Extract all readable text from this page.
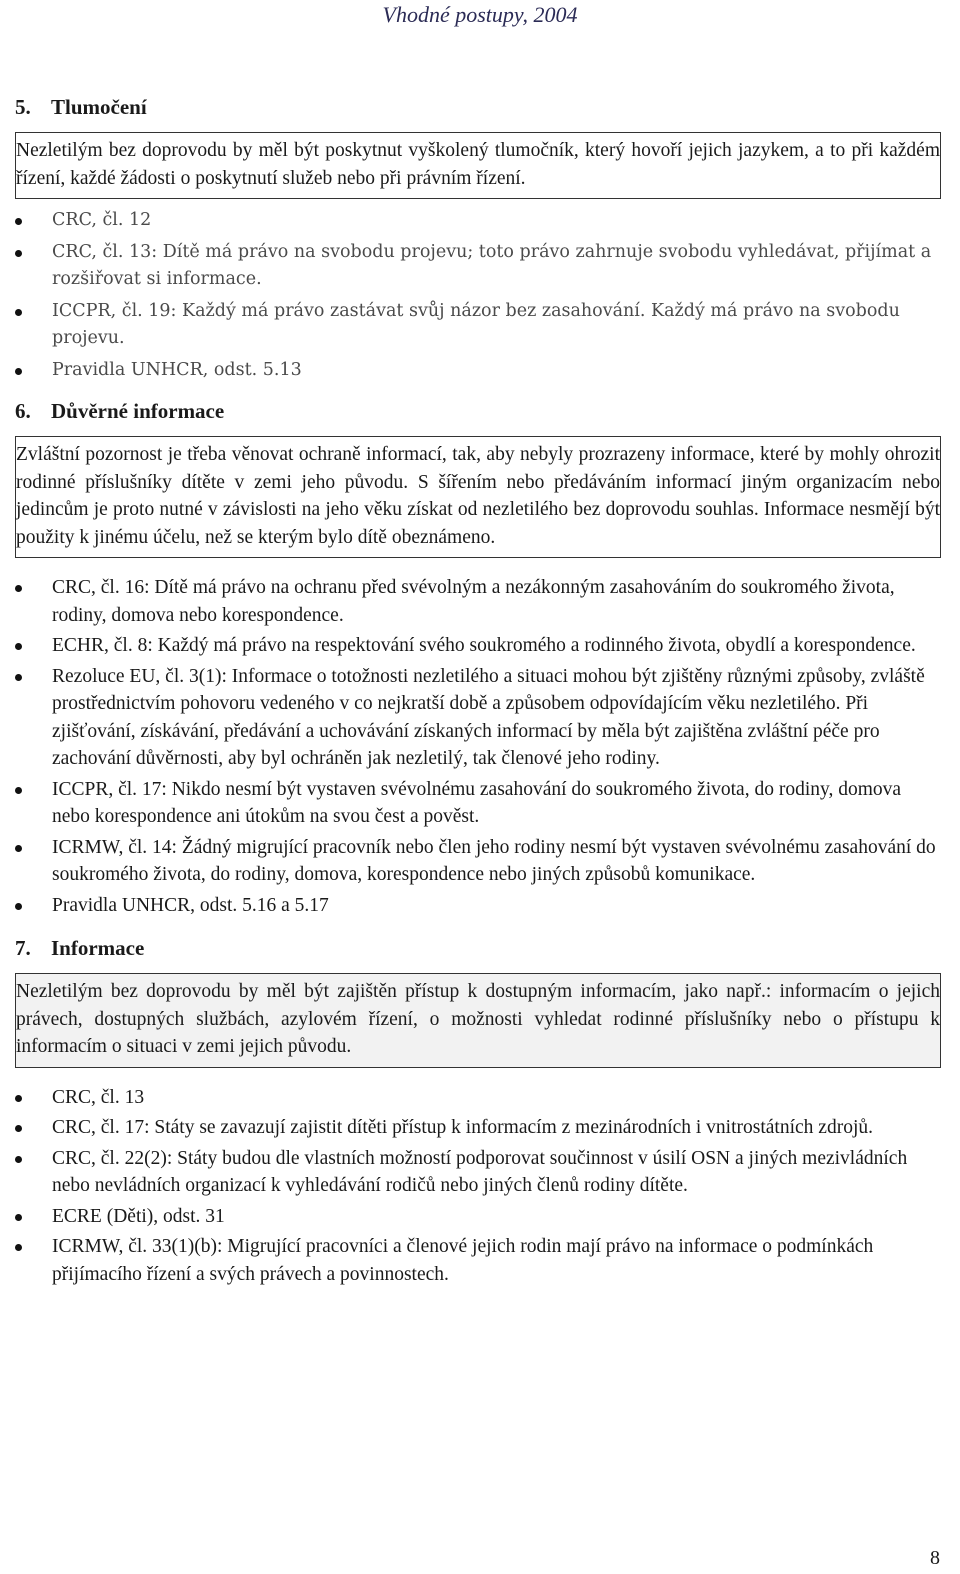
Vhodné postupy, 2004
5. Tlumočení
Nezletilým bez doprovodu by měl být poskytnut vyškolený tlumočník, který hovoří jejich jazykem, a to při každém řízení, každé žádosti o poskytnutí služeb nebo při právním řízení.
CRC, čl. 12
CRC, čl. 13: Dítě má právo na svobodu projevu; toto právo zahrnuje svobodu vyhledávat, přijímat a rozšiřovat si informace.
ICCPR, čl. 19: Každý má právo zastávat svůj názor bez zasahování. Každý má právo na svobodu projevu.
Pravidla UNHCR, odst. 5.13
6. Důvěrné informace
Zvláštní pozornost je třeba věnovat ochraně informací, tak, aby nebyly prozrazeny informace, které by mohly ohrozit rodinné příslušníky dítěte v zemi jeho původu. S šířením nebo předáváním informací jiným organizacím nebo jedincům je proto nutné v závislosti na jeho věku získat od nezletilého bez doprovodu souhlas. Informace nesmějí být použity k jinému účelu, než se kterým bylo dítě obeznámeno.
CRC, čl. 16: Dítě má právo na ochranu před svévolným a nezákonným zasahováním do soukromého života, rodiny, domova nebo korespondence.
ECHR, čl. 8: Každý má právo na respektování svého soukromého a rodinného života, obydlí a korespondence.
Rezoluce EU, čl. 3(1): Informace o totožnosti nezletilého a situaci mohou být zjištěny různými způsoby, zvláště prostřednictvím pohovoru vedeného v co nejkratší době a způsobem odpovídajícím věku nezletilého. Při zjišťování, získávání, předávání a uchovávání získaných informací by měla být zajištěna zvláštní péče pro zachování důvěrnosti, aby byl ochráněn jak nezletilý, tak členové jeho rodiny.
ICCPR, čl. 17: Nikdo nesmí být vystaven svévolnému zasahování do soukromého života, do rodiny, domova nebo korespondence ani útokům na svou čest a pověst.
ICRMW, čl. 14: Žádný migrující pracovník nebo člen jeho rodiny nesmí být vystaven svévolnému zasahování do soukromého života, do rodiny, domova, korespondence nebo jiných způsobů komunikace.
Pravidla UNHCR, odst. 5.16 a 5.17
7. Informace
Nezletilým bez doprovodu by měl být zajištěn přístup k dostupným informacím, jako např.: informacím o jejich právech, dostupných službách, azylovém řízení, o možnosti vyhledat rodinné příslušníky nebo o přístupu k informacím o situaci v zemi jejich původu.
CRC, čl. 13
CRC, čl. 17: Státy se zavazují zajistit dítěti přístup k informacím z mezinárodních i vnitrostátních zdrojů.
CRC, čl. 22(2): Státy budou dle vlastních možností podporovat součinnost v úsilí OSN a jiných mezivládních nebo nevládních organizací k vyhledávání rodičů nebo jiných členů rodiny dítěte.
ECRE (Děti), odst. 31
ICRMW, čl. 33(1)(b): Migrující pracovníci a členové jejich rodin mají právo na informace o podmínkách přijímacího řízení a svých právech a povinnostech.
8
